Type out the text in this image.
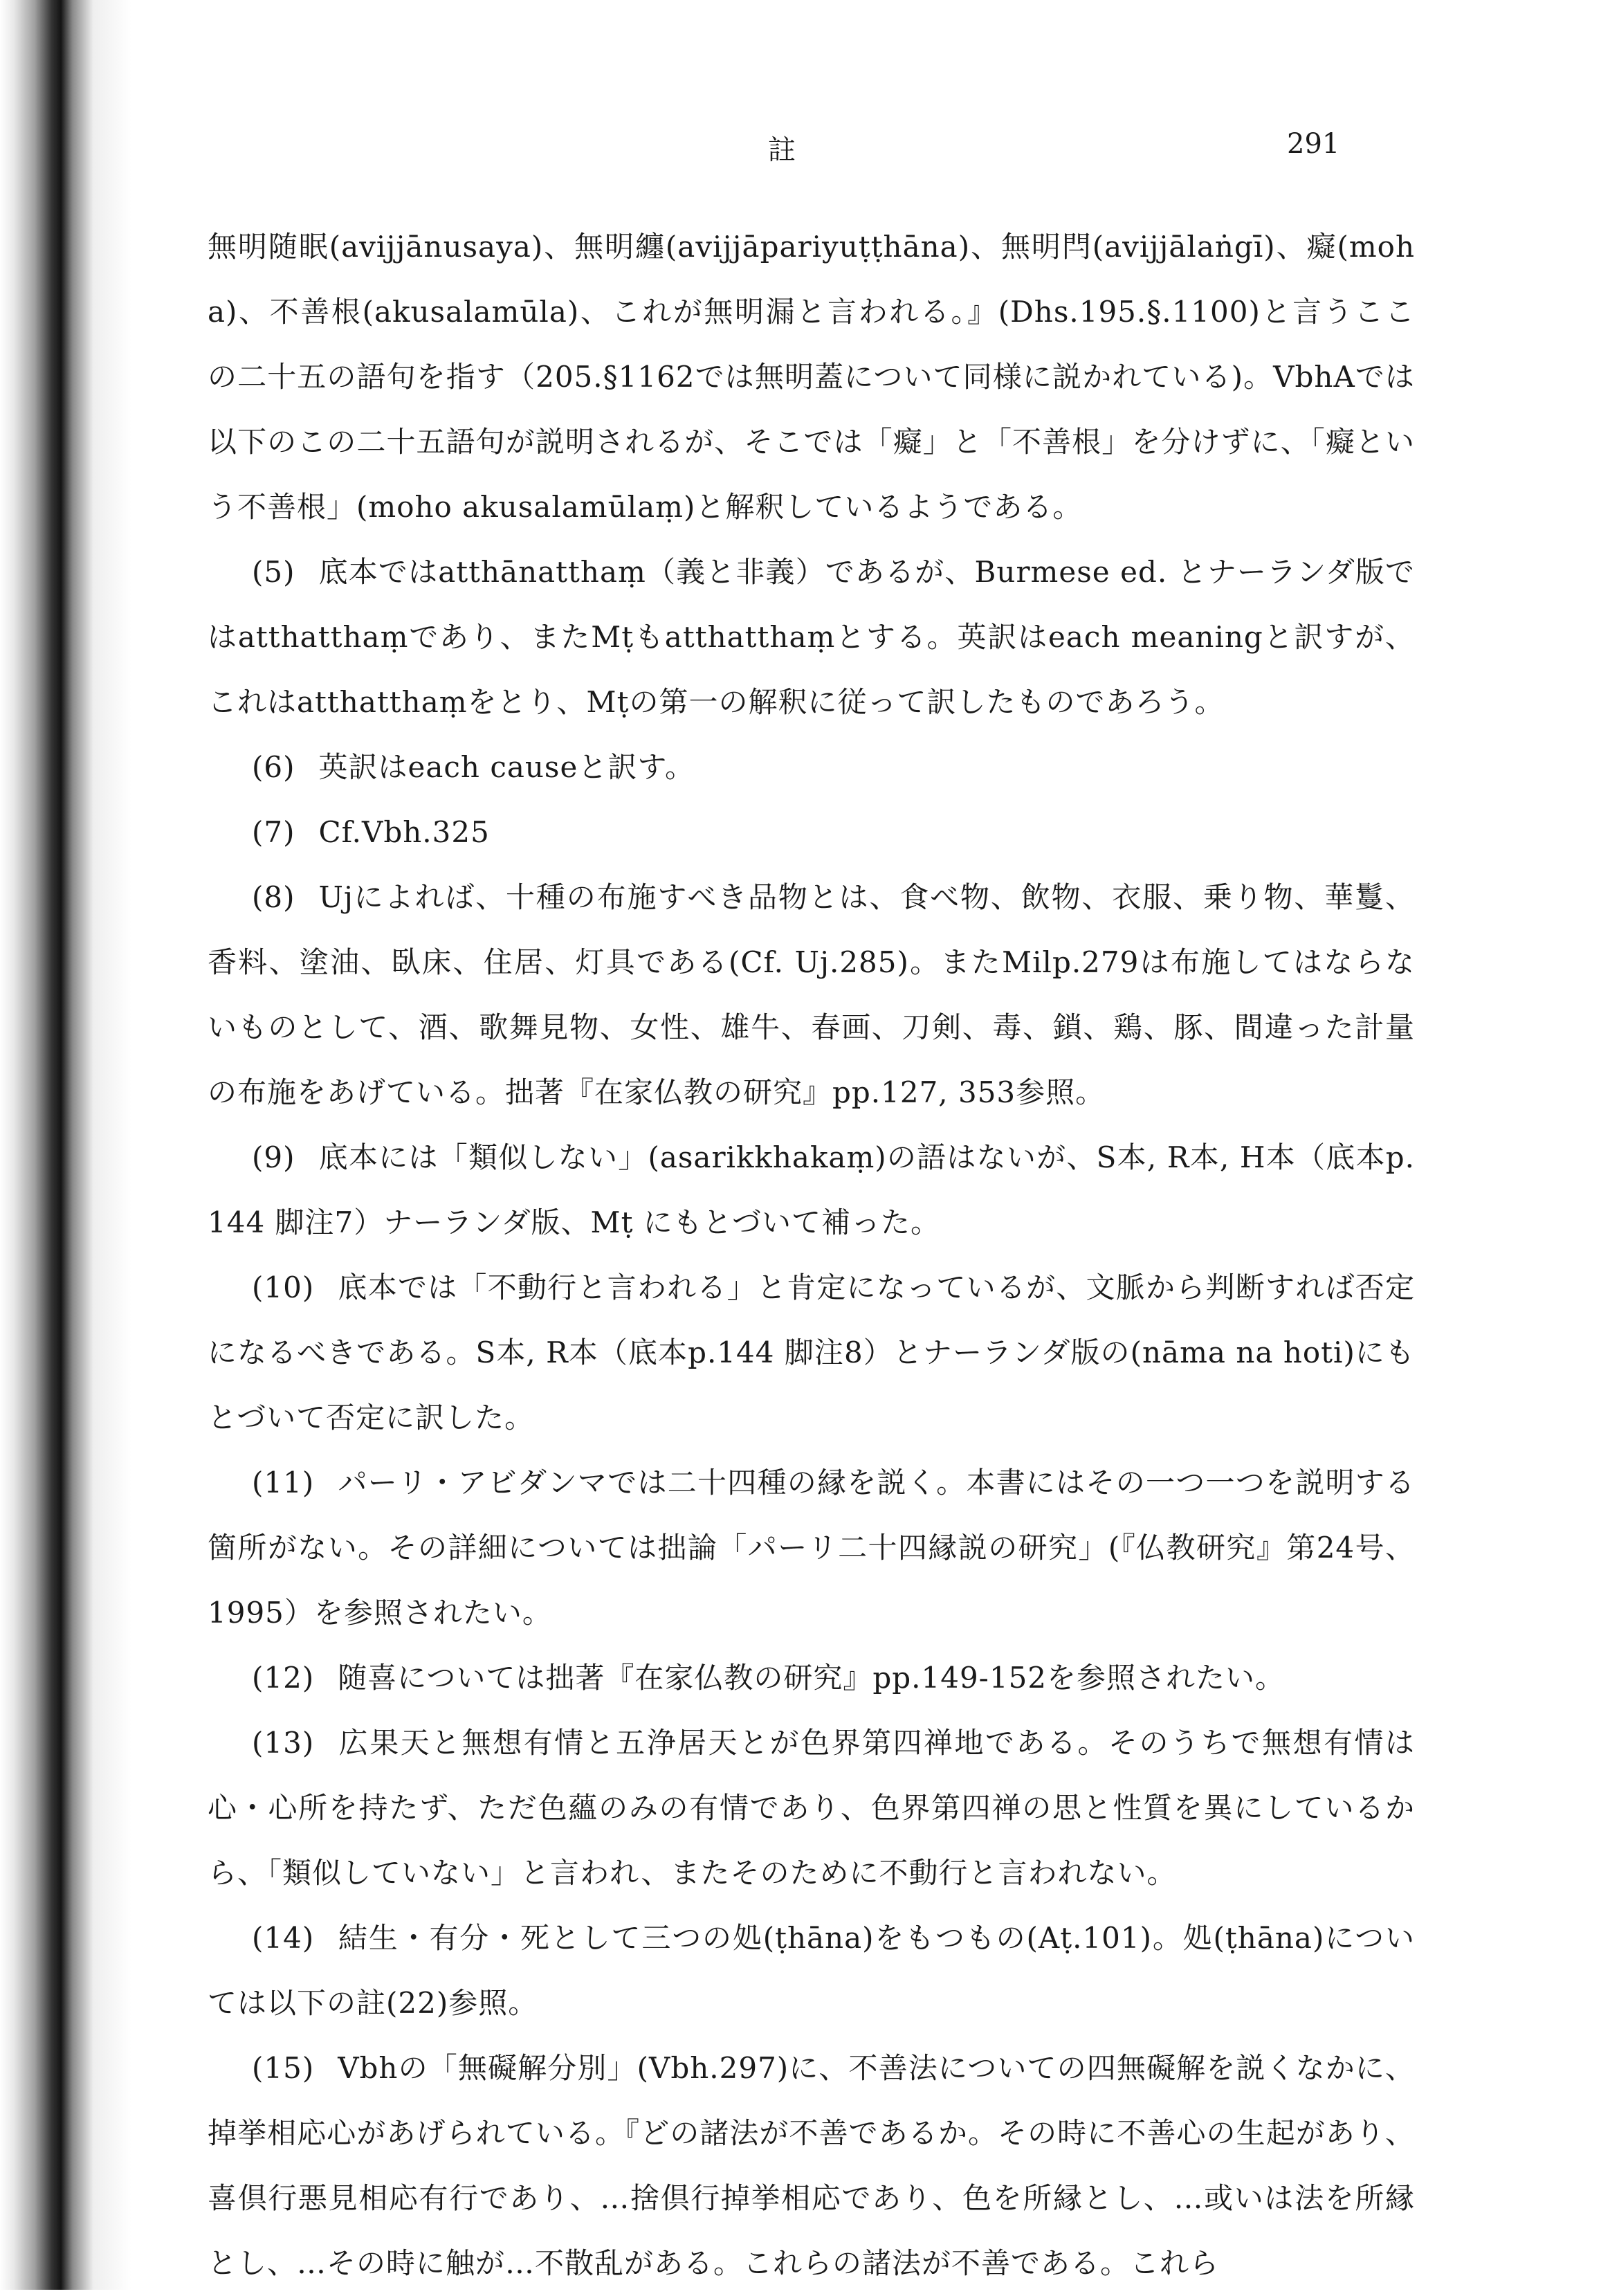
註	291

無明随眠(avijjānusaya)、無明纏(avijjāpariyuṭṭhāna)、無明閂(avijjālaṅgī)、癡(moha)、不善根(akusalamūla)、これが無明漏と言われる。』(Dhs.195.§.1100)と言うここの二十五の語句を指す（205.§1162では無明蓋について同様に説かれている)。VbhAでは以下のこの二十五語句が説明されるが、そこでは「癡」と「不善根」を分けずに、「癡という不善根」(moho akusalamūlaṃ)と解釈しているようである。

(5) 底本ではatthānatthaṃ（義と非義）であるが、Burmese ed. とナーランダ版ではatthatthaṃであり、またMṭもatthatthaṃとする。英訳はeach meaningと訳すが、これはatthatthaṃをとり、Mṭの第一の解釈に従って訳したものであろう。

(6) 英訳はeach causeと訳す。

(7) Cf.Vbh.325

(8) Ujによれば、十種の布施すべき品物とは、食べ物、飲物、衣服、乗り物、華鬘、香料、塗油、臥床、住居、灯具である(Cf. Uj.285)。またMilp.279は布施してはならないものとして、酒、歌舞見物、女性、雄牛、春画、刀剣、毒、鎖、鶏、豚、間違った計量の布施をあげている。拙著『在家仏教の研究』pp.127, 353参照。

(9) 底本には「類似しない」(asarikkhakaṃ)の語はないが、S本, R本, H本（底本p.144 脚注7）ナーランダ版、Mṭ にもとづいて補った。

(10) 底本では「不動行と言われる」と肯定になっているが、文脈から判断すれば否定になるべきである。S本, R本（底本p.144 脚注8）とナーランダ版の(nāma na hoti)にもとづいて否定に訳した。

(11) パーリ・アビダンマでは二十四種の縁を説く。本書にはその一つ一つを説明する箇所がない。その詳細については拙論「パーリ二十四縁説の研究」(『仏教研究』第24号、1995）を参照されたい。

(12) 随喜については拙著『在家仏教の研究』pp.149-152を参照されたい。

(13) 広果天と無想有情と五浄居天とが色界第四禅地である。そのうちで無想有情は心・心所を持たず、ただ色蘊のみの有情であり、色界第四禅の思と性質を異にしているから、「類似していない」と言われ、またそのために不動行と言われない。

(14) 結生・有分・死として三つの処(ṭhāna)をもつもの(Aṭ.101)。処(ṭhāna)については以下の註(22)参照。

(15) Vbhの「無礙解分別」(Vbh.297)に、不善法についての四無礙解を説くなかに、掉挙相応心があげられている。『どの諸法が不善であるか。その時に不善心の生起があり、喜倶行悪見相応有行であり、…捨倶行掉挙相応であり、色を所縁とし、…或いは法を所縁とし、…その時に触が…不散乱がある。これらの諸法が不善である。これら
